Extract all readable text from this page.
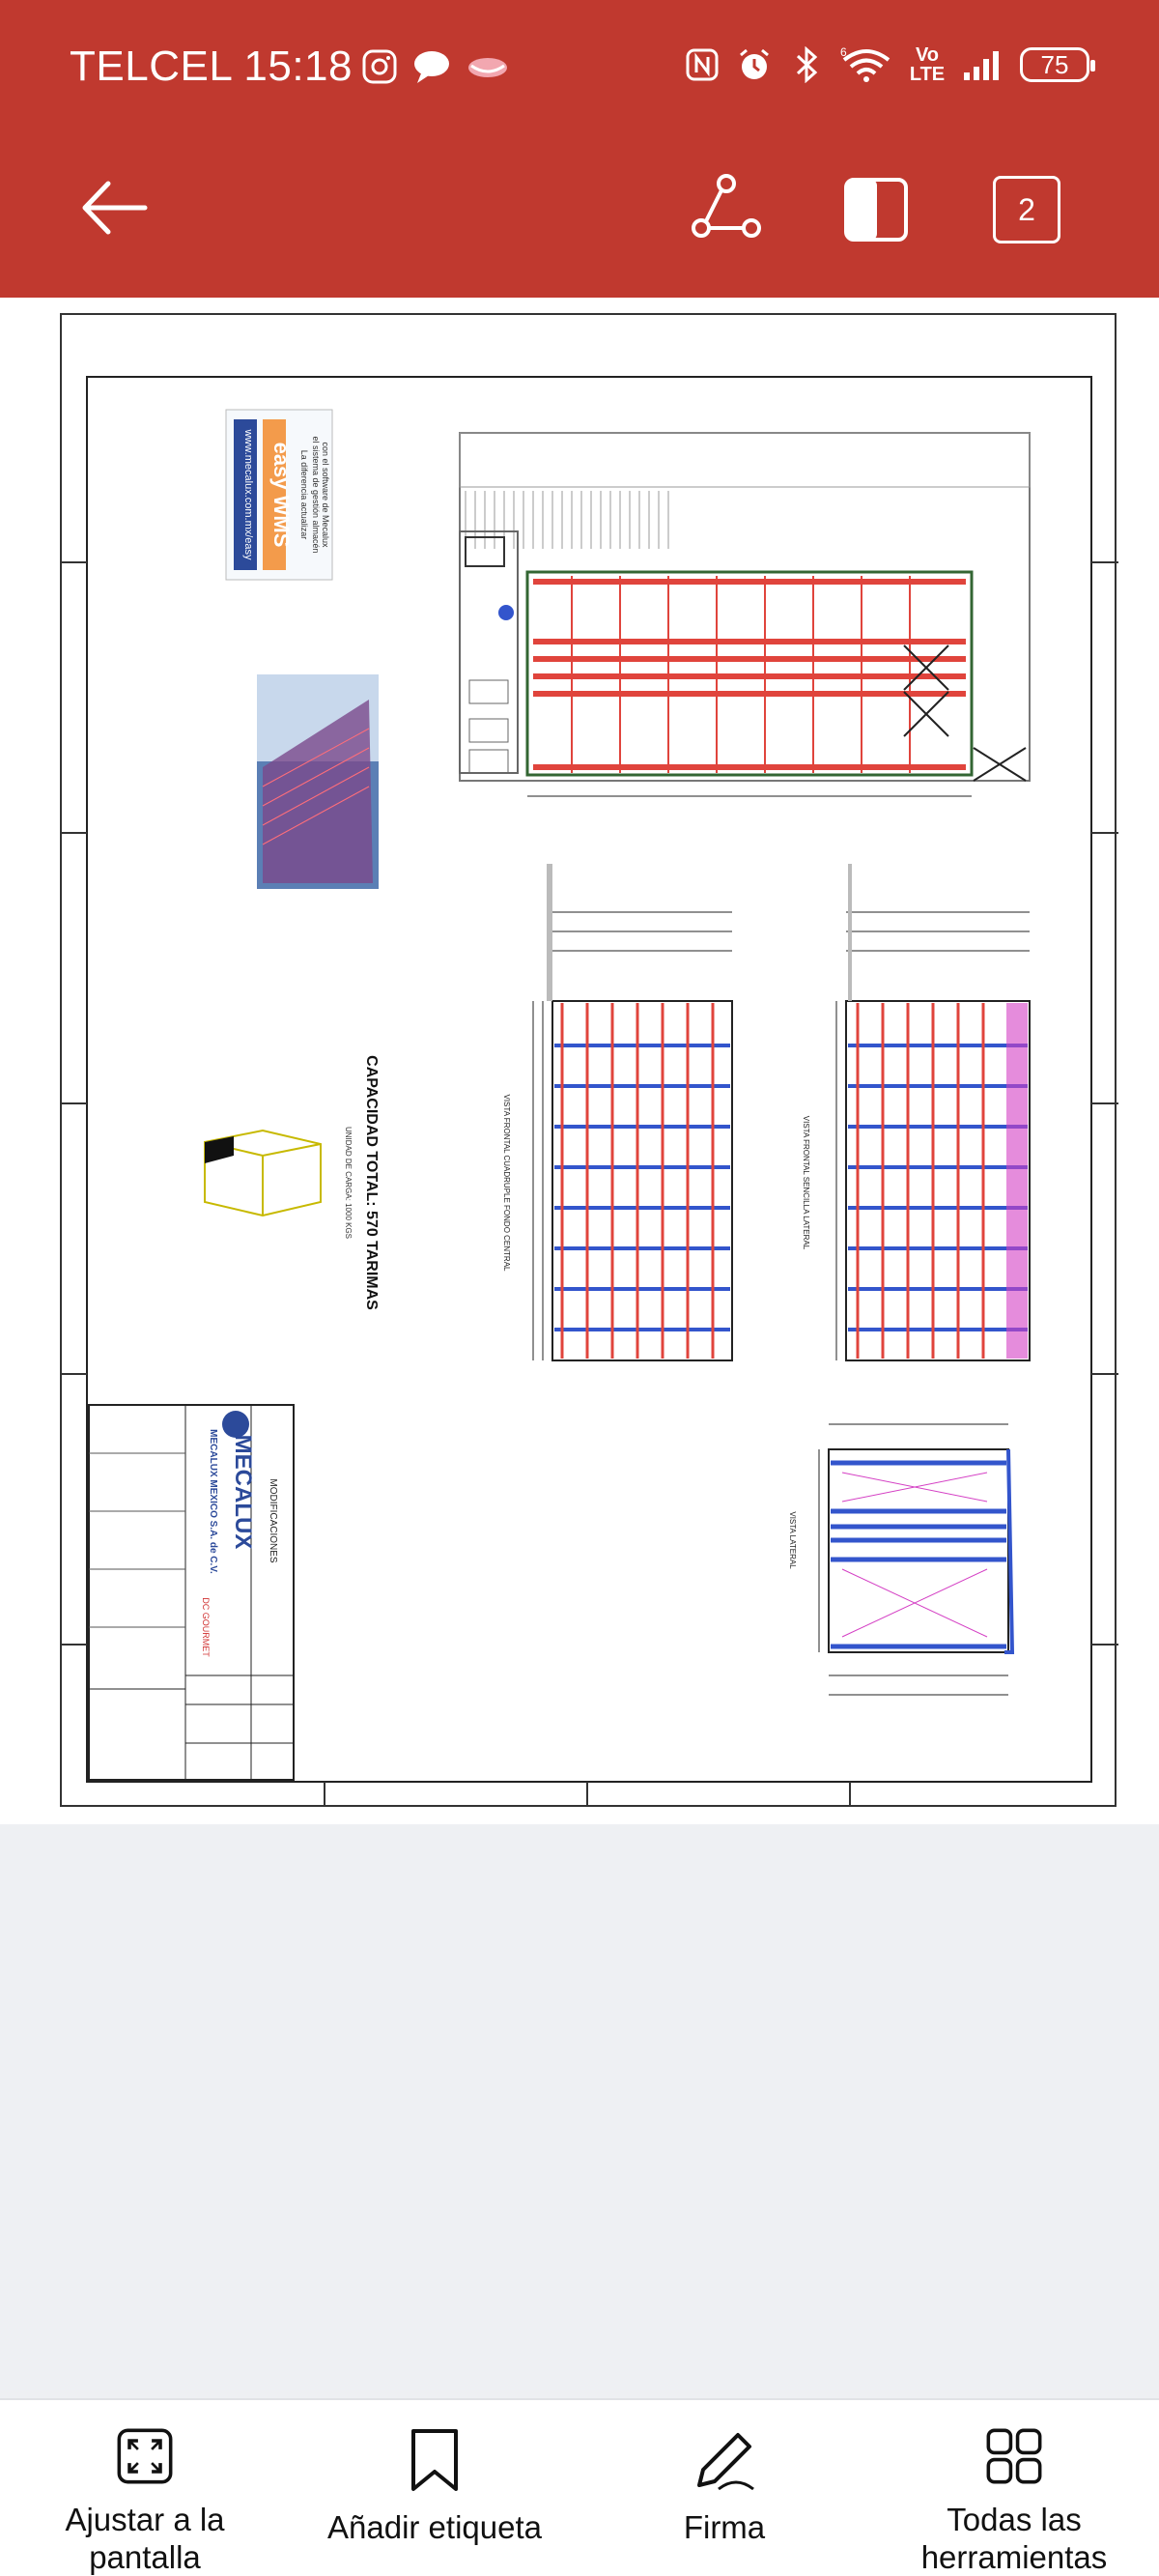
TELCEL 15:18	6	Vo
LTE	75
2
La diferencia actualizar el sistema de gestión almacén con el software de Mecalux
easy WMS
www.mecalux.com.mx/easy
CAPACIDAD TOTAL: 570 TARIMAS
UNIDAD DE CARGA: 1000 KGS	VISTA FRONTAL CUADRUPLE FONDO CENTRAL	VISTA FRONTAL SENCILLA LATERAL
VISTA LATERAL
MECALUX
MECALUX MEXICO S.A. de C.V.	MODIFICACIONES
DC GOURMET
Ajustar a la pantalla
Añadir etiqueta	Firma	Todas las herramientas
